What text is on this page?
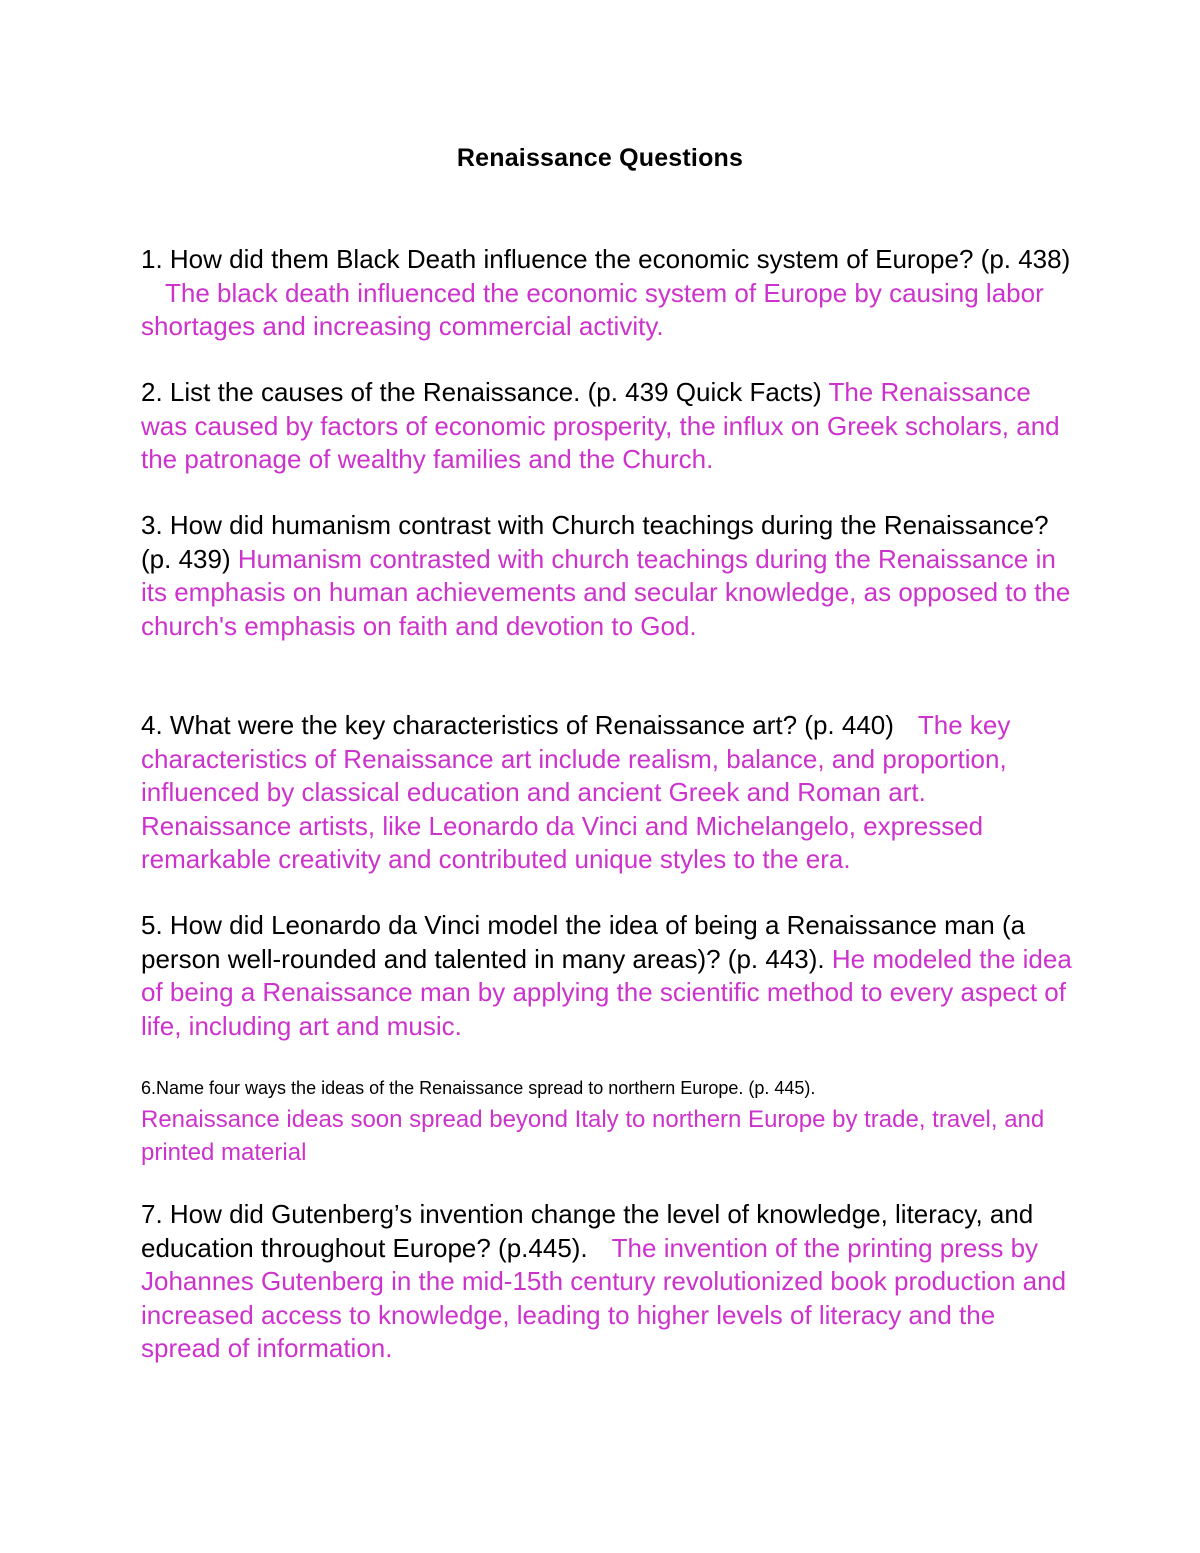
Renaissance Questions

1. How did them Black Death influence the economic system of Europe? (p. 438)The black death influenced the economic system of Europe by causing labor shortages and increasing commercial activity.

2. List the causes of the Renaissance. (p. 439 Quick Facts) The Renaissance was caused by factors of economic prosperity, the influx on Greek scholars, and the patronage of wealthy families and the Church.

3. How did humanism contrast with Church teachings during the Renaissance? (p. 439) Humanism contrasted with church teachings during the Renaissance in its emphasis on human achievements and secular knowledge, as opposed to the church's emphasis on faith and devotion to God.

4. What were the key characteristics of Renaissance art? (p. 440) The key characteristics of Renaissance art include realism, balance, and proportion, influenced by classical education and ancient Greek and Roman art. Renaissance artists, like Leonardo da Vinci and Michelangelo, expressed remarkable creativity and contributed unique styles to the era.

5. How did Leonardo da Vinci model the idea of being a Renaissance man (a person well-rounded and talented in many areas)? (p. 443). He modeled the idea of being a Renaissance man by applying the scientific method to every aspect of life, including art and music.

6.Name four ways the ideas of the Renaissance spread to northern Europe. (p. 445).
Renaissance ideas soon spread beyond Italy to northern Europe by trade, travel, and printed material

7. How did Gutenberg’s invention change the level of knowledge, literacy, and education throughout Europe? (p.445). The invention of the printing press by Johannes Gutenberg in the mid-15th century revolutionized book production and increased access to knowledge, leading to higher levels of literacy and the spread of information.
